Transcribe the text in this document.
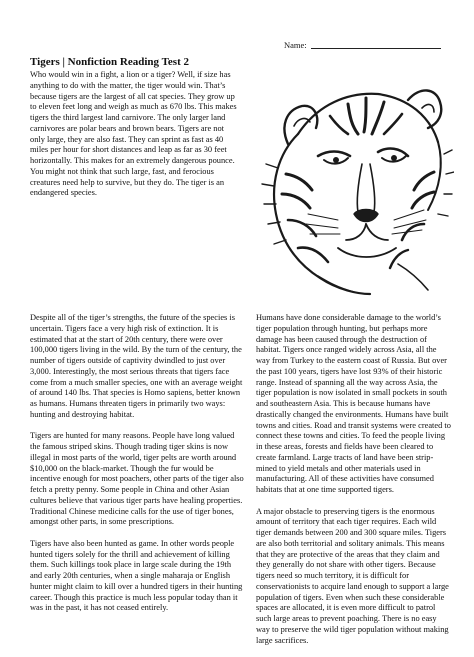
Name:
Tigers | Nonfiction Reading Test 2

Who would win in a fight, a lion or a tiger? Well, if size has anything to do with the matter, the tiger would win. That’s because tigers are the largest of all cat species. They grow up to eleven feet long and weigh as much as 670 lbs. This makes tigers the third largest land carnivore. The only larger land carnivores are polar bears and brown bears. Tigers are not only large, they are also fast. They can sprint as fast as 40 miles per hour for short distances and leap as far as 30 feet horizontally. This makes for an extremely dangerous pounce. You might not think that such large, fast, and ferocious creatures need help to survive, but they do. The tiger is an endangered species.

Despite all of the tiger’s strengths, the future of the species is uncertain. Tigers face a very high risk of extinction. It is estimated that at the start of 20th century, there were over 100,000 tigers living in the wild. By the turn of the century, the number of tigers outside of captivity dwindled to just over 3,000. Interestingly, the most serious threats that tigers face come from a much smaller species, one with an average weight of around 140 lbs. That species is Homo sapiens, better known as humans. Humans threaten tigers in primarily two ways: hunting and destroying habitat.

Tigers are hunted for many reasons. People have long valued the famous striped skins. Though trading tiger skins is now illegal in most parts of the world, tiger pelts are worth around $10,000 on the black-market. Though the fur would be incentive enough for most poachers, other parts of the tiger also fetch a pretty penny. Some people in China and other Asian cultures believe that various tiger parts have healing properties. Traditional Chinese medicine calls for the use of tiger bones, amongst other parts, in some prescriptions.

Tigers have also been hunted as game. In other words people hunted tigers solely for the thrill and achievement of killing them. Such killings took place in large scale during the 19th and early 20th centuries, when a single maharaja or English hunter might claim to kill over a hundred tigers in their hunting career. Though this practice is much less popular today than it was in the past, it has not ceased entirely.

Humans have done considerable damage to the world’s tiger population through hunting, but perhaps more damage has been caused through the destruction of habitat. Tigers once ranged widely across Asia, all the way from Turkey to the eastern coast of Russia. But over the past 100 years, tigers have lost 93% of their historic range. Instead of spanning all the way across Asia, the tiger population is now isolated in small pockets in south and southeastern Asia. This is because humans have drastically changed the environments. Humans have built towns and cities. Road and transit systems were created to connect these towns and cities. To feed the people living in these areas, forests and fields have been cleared to create farmland. Large tracts of land have been strip-mined to yield metals and other materials used in manufacturing. All of these activities have consumed habitats that at one time supported tigers.

A major obstacle to preserving tigers is the enormous amount of territory that each tiger requires. Each wild tiger demands between 200 and 300 square miles. Tigers are also both territorial and solitary animals. This means that they are protective of the areas that they claim and they generally do not share with other tigers. Because tigers need so much territory, it is difficult for conservationists to acquire land enough to support a large population of tigers. Even when such these considerable spaces are allocated, it is even more difficult to patrol such large areas to prevent poaching. There is no easy way to preserve the wild tiger population without making large sacrifices.
